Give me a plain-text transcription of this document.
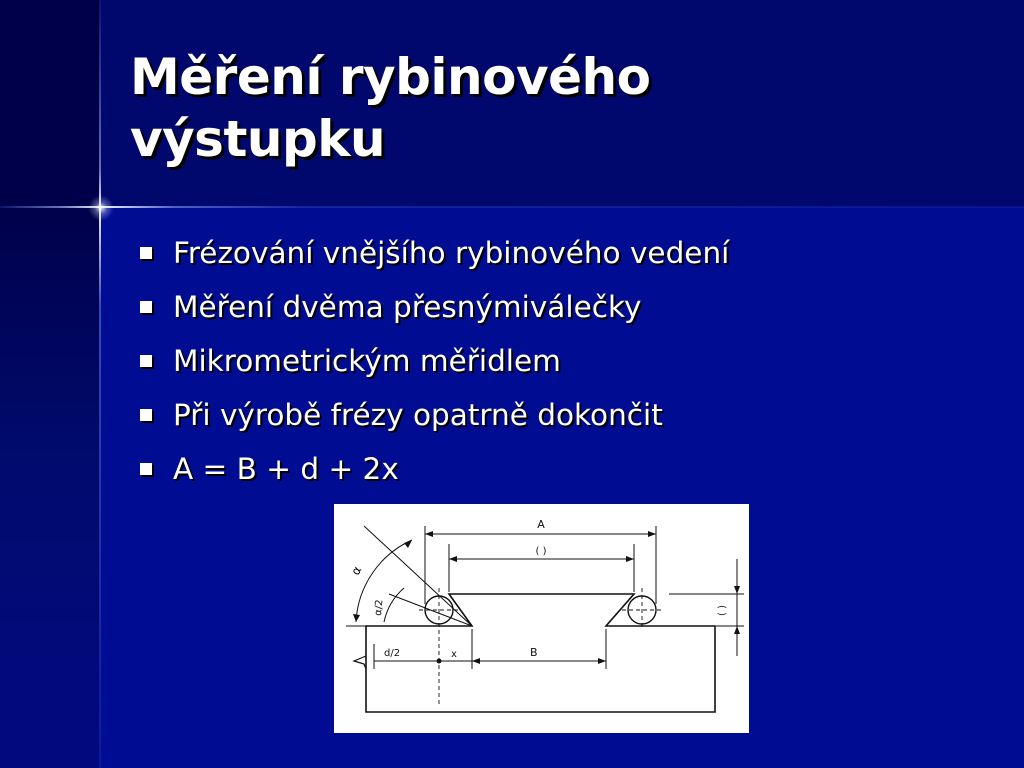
Měření rybinového
výstupku
Frézování vnějšího rybinového vedení
Měření dvěma přesnýmiválečky
Mikrometrickým měřidlem
Při výrobě frézy opatrně dokončit
A = B + d + 2x
A
( )
α
α/2
d/2	x	B
( )
